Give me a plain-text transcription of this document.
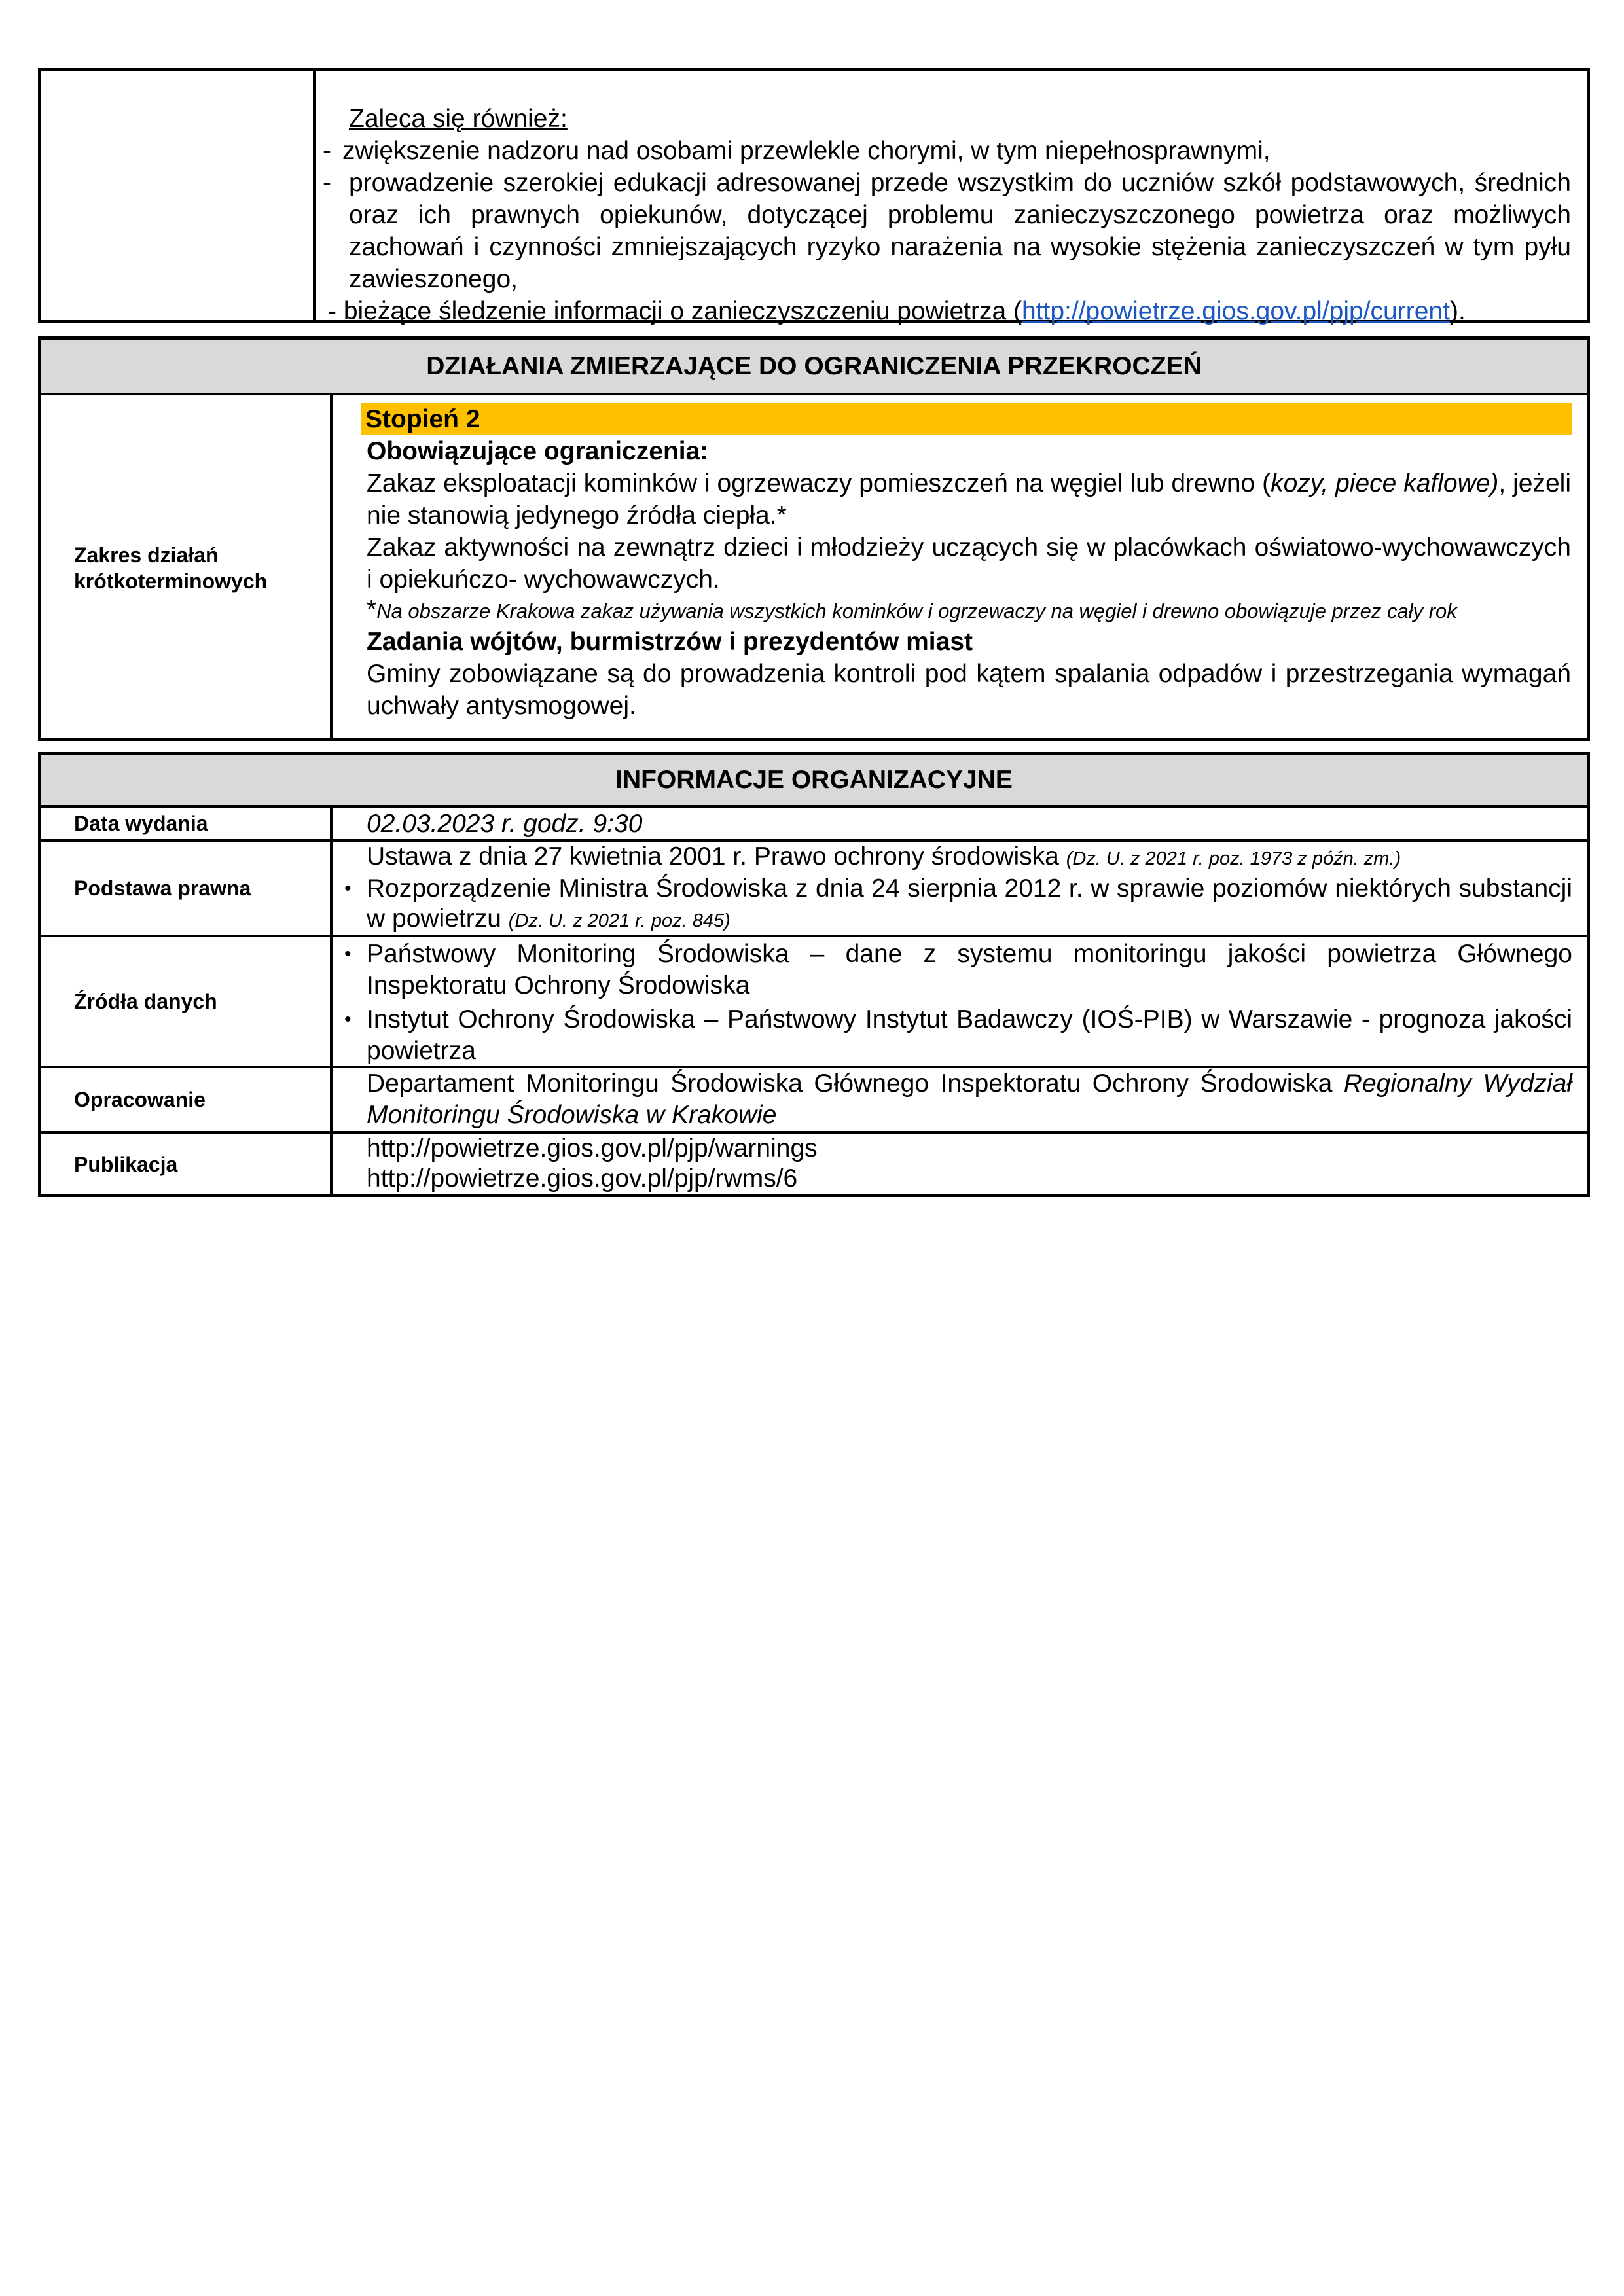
Zaleca się również:
- zwiększenie nadzoru nad osobami przewlekle chorymi, w tym niepełnosprawnymi,
- prowadzenie szerokiej edukacji adresowanej przede wszystkim do uczniów szkół podstawowych, średnich oraz ich prawnych opiekunów, dotyczącej problemu zanieczyszczonego powietrza oraz możliwych zachowań i czynności zmniejszających ryzyko narażenia na wysokie stężenia zanieczyszczeń w tym pyłu zawieszonego,
- bieżące śledzenie informacji o zanieczyszczeniu powietrza (http://powietrze.gios.gov.pl/pjp/current).
DZIAŁANIA ZMIERZAJĄCE DO OGRANICZENIA PRZEKROCZEŃ
Zakres działań krótkoterminowych
Stopień 2
Obowiązujące ograniczenia:
Zakaz eksploatacji kominków i ogrzewaczy pomieszczeń na węgiel lub drewno (kozy, piece kaflowe), jeżeli nie stanowią jedynego źródła ciepła.*
Zakaz aktywności na zewnątrz dzieci i młodzieży uczących się w placówkach oświatowo-wychowawczych i opiekuńczo- wychowawczych.
*Na obszarze Krakowa zakaz używania wszystkich kominków i ogrzewaczy na węgiel i drewno obowiązuje przez cały rok
Zadania wójtów, burmistrzów i prezydentów miast
Gminy zobowiązane są do prowadzenia kontroli pod kątem spalania odpadów i przestrzegania wymagań uchwały antysmogowej.
INFORMACJE ORGANIZACYJNE
Data wydania	02.03.2023 r. godz. 9:30
Podstawa prawna
Ustawa z dnia 27 kwietnia 2001 r. Prawo ochrony środowiska (Dz. U. z 2021 r. poz. 1973 z późn. zm.)
• Rozporządzenie Ministra Środowiska z dnia 24 sierpnia 2012 r. w sprawie poziomów niektórych substancji w powietrzu (Dz. U. z 2021 r. poz. 845)
Źródła danych
• Państwowy Monitoring Środowiska – dane z systemu monitoringu jakości powietrza Głównego Inspektoratu Ochrony Środowiska
• Instytut Ochrony Środowiska – Państwowy Instytut Badawczy (IOŚ-PIB) w Warszawie - prognoza jakości powietrza
Opracowanie
Departament Monitoringu Środowiska Głównego Inspektoratu Ochrony Środowiska Regionalny Wydział Monitoringu Środowiska w Krakowie
Publikacja
http://powietrze.gios.gov.pl/pjp/warnings
http://powietrze.gios.gov.pl/pjp/rwms/6
